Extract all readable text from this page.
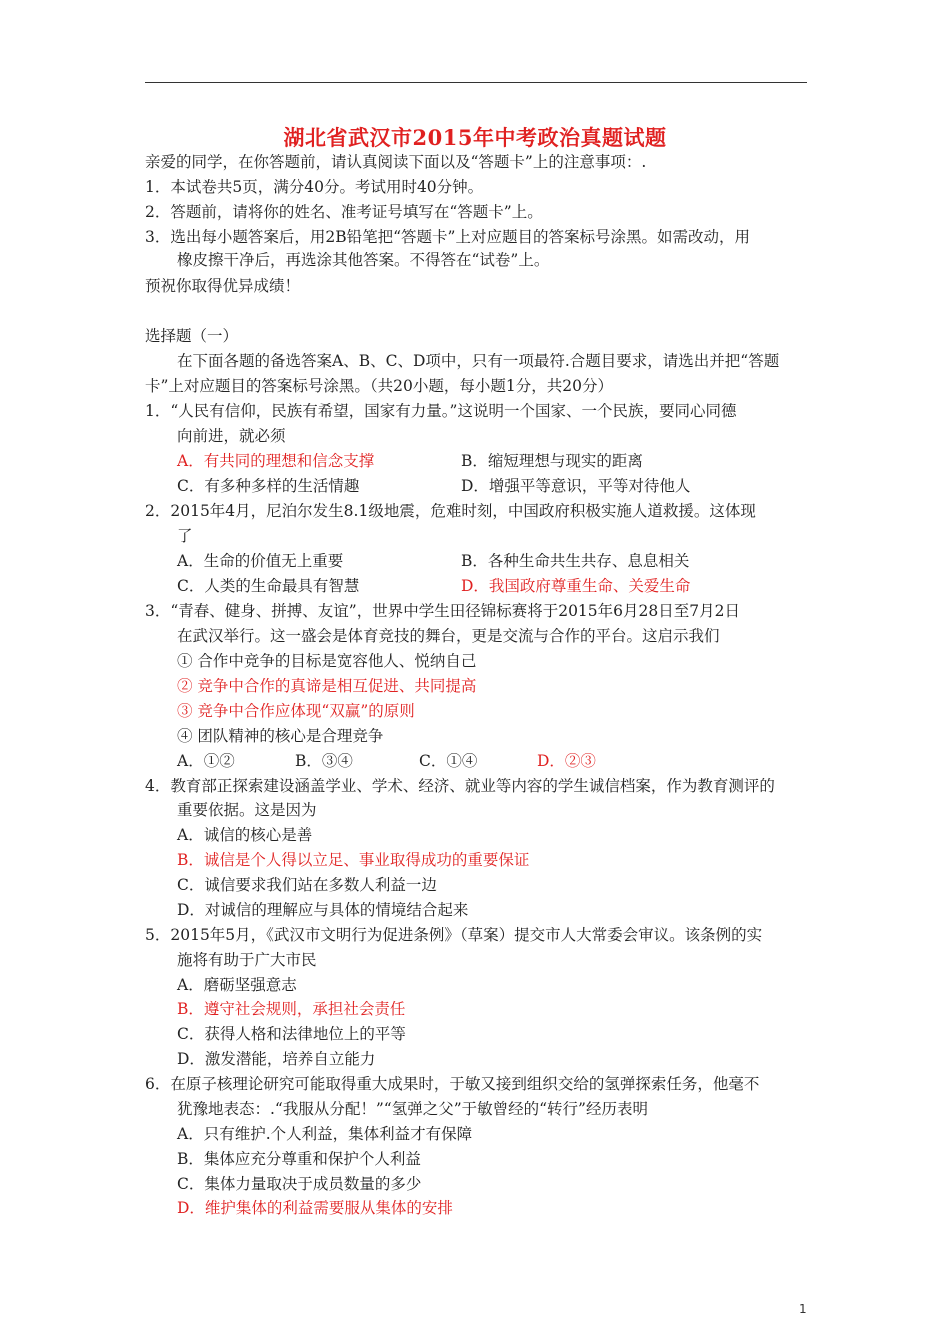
湖北省武汉市2015年中考政治真题试题
亲爱的同学，在你答题前，请认真阅读下面以及“答题卡”上的注意事项：.
1．本试卷共5页，满分40分。考试用时40分钟。
2．答题前，请将你的姓名、准考证号填写在“答题卡”上。
3．选出每小题答案后，用2B铅笔把“答题卡”上对应题目的答案标号涂黑。如需改动，用
橡皮擦干净后，再选涂其他答案。不得答在“试卷”上。
预祝你取得优异成绩！
选择题（一）
在下面各题的备选答案A、B、C、D项中，只有一项最符.合题目要求，请选出并把“答题
卡”上对应题目的答案标号涂黑。（共20小题，每小题1分，共20分）
1．“人民有信仰，民族有希望，国家有力量。”这说明一个国家、一个民族，要同心同德
向前进，就必须
A．有共同的理想和信念支撑	B．缩短理想与现实的距离
C．有多种多样的生活情趣	D．增强平等意识，平等对待他人
2．2015年4月，尼泊尔发生8.1级地震，危难时刻，中国政府积极实施人道救援。这体现
了
A．生命的价值无上重要	B．各种生命共生共存、息息相关
C．人类的生命最具有智慧	D．我国政府尊重生命、关爱生命
3．“青春、健身、拼搏、友谊”，世界中学生田径锦标赛将于2015年6月28日至7月2日
在武汉举行。这一盛会是体育竞技的舞台，更是交流与合作的平台。这启示我们
① 合作中竞争的目标是宽容他人、悦纳自己
② 竞争中合作的真谛是相互促进、共同提高
③ 竞争中合作应体现“双赢”的原则
④ 团队精神的核心是合理竞争
A．①②	B．③④	C．①④	D．②③
4．教育部正探索建设涵盖学业、学术、经济、就业等内容的学生诚信档案，作为教育测评的
重要依据。这是因为
A．诚信的核心是善
B．诚信是个人得以立足、事业取得成功的重要保证
C．诚信要求我们站在多数人利益一边
D．对诚信的理解应与具体的情境结合起来
5．2015年5月，《武汉市文明行为促进条例》（草案）提交市人大常委会审议。该条例的实
施将有助于广大市民
A．磨砺坚强意志
B．遵守社会规则，承担社会责任
C．获得人格和法律地位上的平等
D．激发潜能，培养自立能力
6．在原子核理论研究可能取得重大成果时，于敏又接到组织交给的氢弹探索任务，他毫不
犹豫地表态：.“我服从分配！”“氢弹之父”于敏曾经的“转行”经历表明
A．只有维护.个人利益，集体利益才有保障
B．集体应充分尊重和保护个人利益
C．集体力量取决于成员数量的多少
D．维护集体的利益需要服从集体的安排
1
